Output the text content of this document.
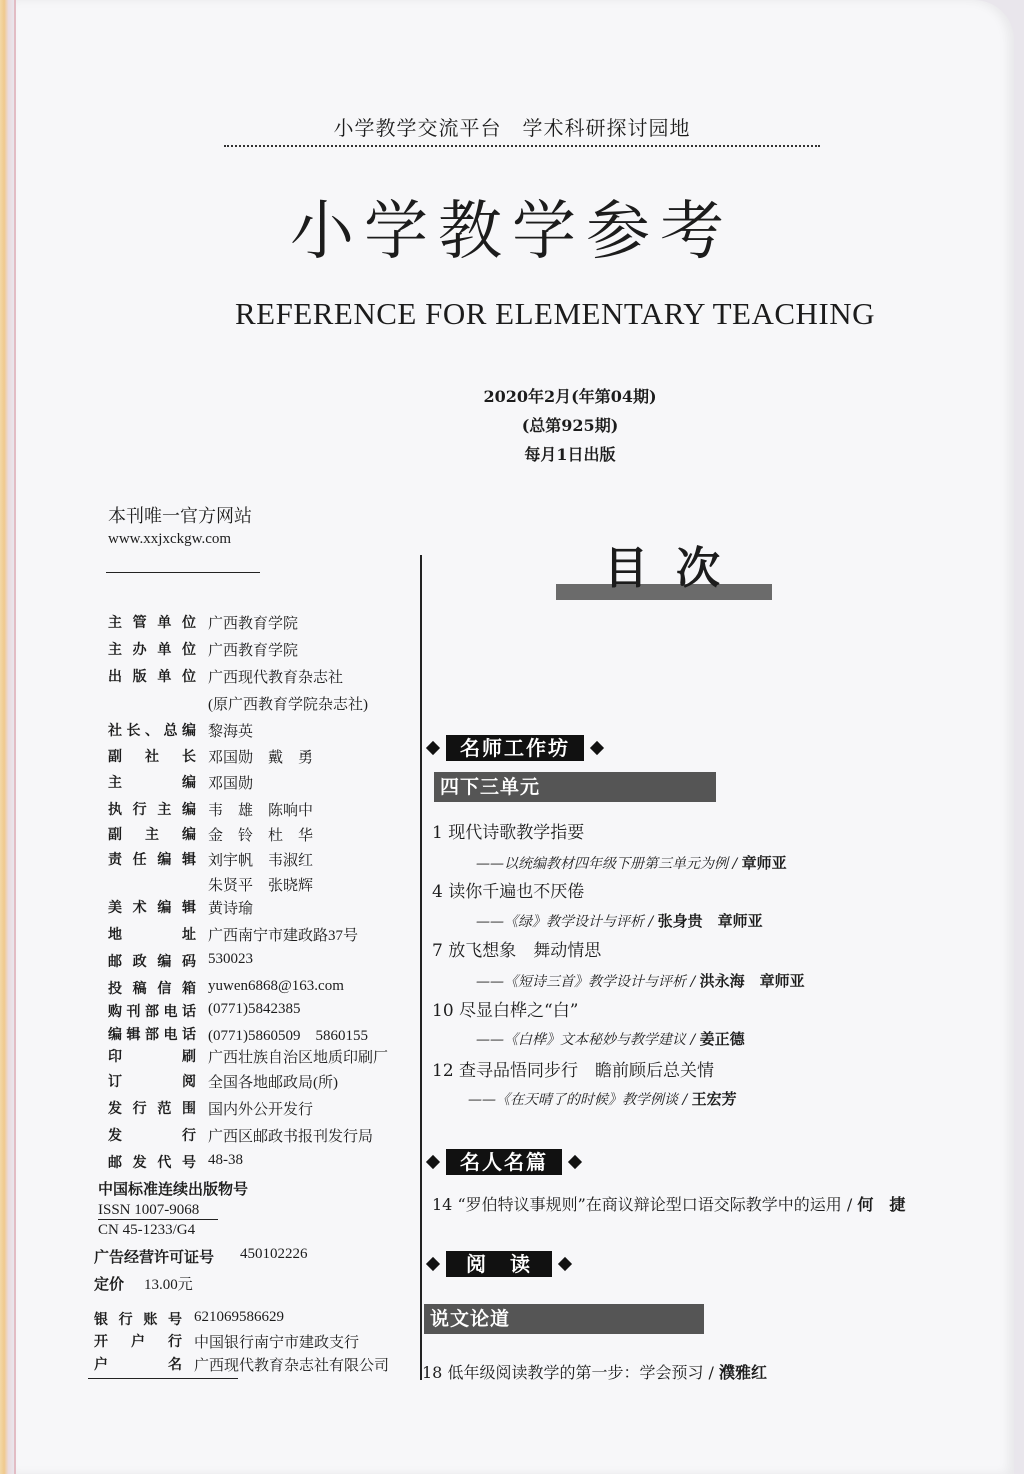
小学教学交流平台　学术科研探讨园地
小学教学参考
REFERENCE FOR ELEMENTARY TEACHING
2020年2月(年第04期)
(总第925期)
每月1日出版
本刊唯一官方网站
www.xxjxckgw.com
主管单位 广西教育学院
主办单位 广西教育学院
出版单位 广西现代教育杂志社
(原广西教育学院杂志社)
社长、总编 黎海英
副社长 邓国勋　戴　勇
主编 邓国勋
执行主编 韦　雄　陈响中
副主编 金　铃　杜　华
责任编辑 刘宇帆　韦淑红
朱贤平　张晓辉
美术编辑 黄诗瑜
地址 广西南宁市建政路37号
邮政编码 530023
投稿信箱 yuwen6868@163.com
购刊部电话 (0771)5842385
编辑部电话 (0771)5860509　5860155
印刷 广西壮族自治区地质印刷厂
订阅 全国各地邮政局(所)
发行范围 国内外公开发行
发行 广西区邮政书报刊发行局
邮发代号 48-38
中国标准连续出版物号
ISSN 1007-9068
CN 45-1233/G4
广告经营许可证号 450102226
定价 13.00元
银行账号 621069586629
开户行 中国银行南宁市建政支行
户名 广西现代教育杂志社有限公司
目次
名师工作坊
四下三单元
1 现代诗歌教学指要
——以统编教材四年级下册第三单元为例 / 章师亚
4 读你千遍也不厌倦
——《绿》教学设计与评析 / 张身贵　章师亚
7 放飞想象　舞动情思
——《短诗三首》教学设计与评析 / 洪永海　章师亚
10 尽显白桦之“白”
——《白桦》文本秘妙与教学建议 / 姜正德
12 查寻品悟同步行　瞻前顾后总关情
——《在天晴了的时候》教学例谈 / 王宏芳
名人名篇
14 “罗伯特议事规则”在商议辩论型口语交际教学中的运用 / 何　捷
阅　读
说文论道
18 低年级阅读教学的第一步：学会预习 / 濮雅红
